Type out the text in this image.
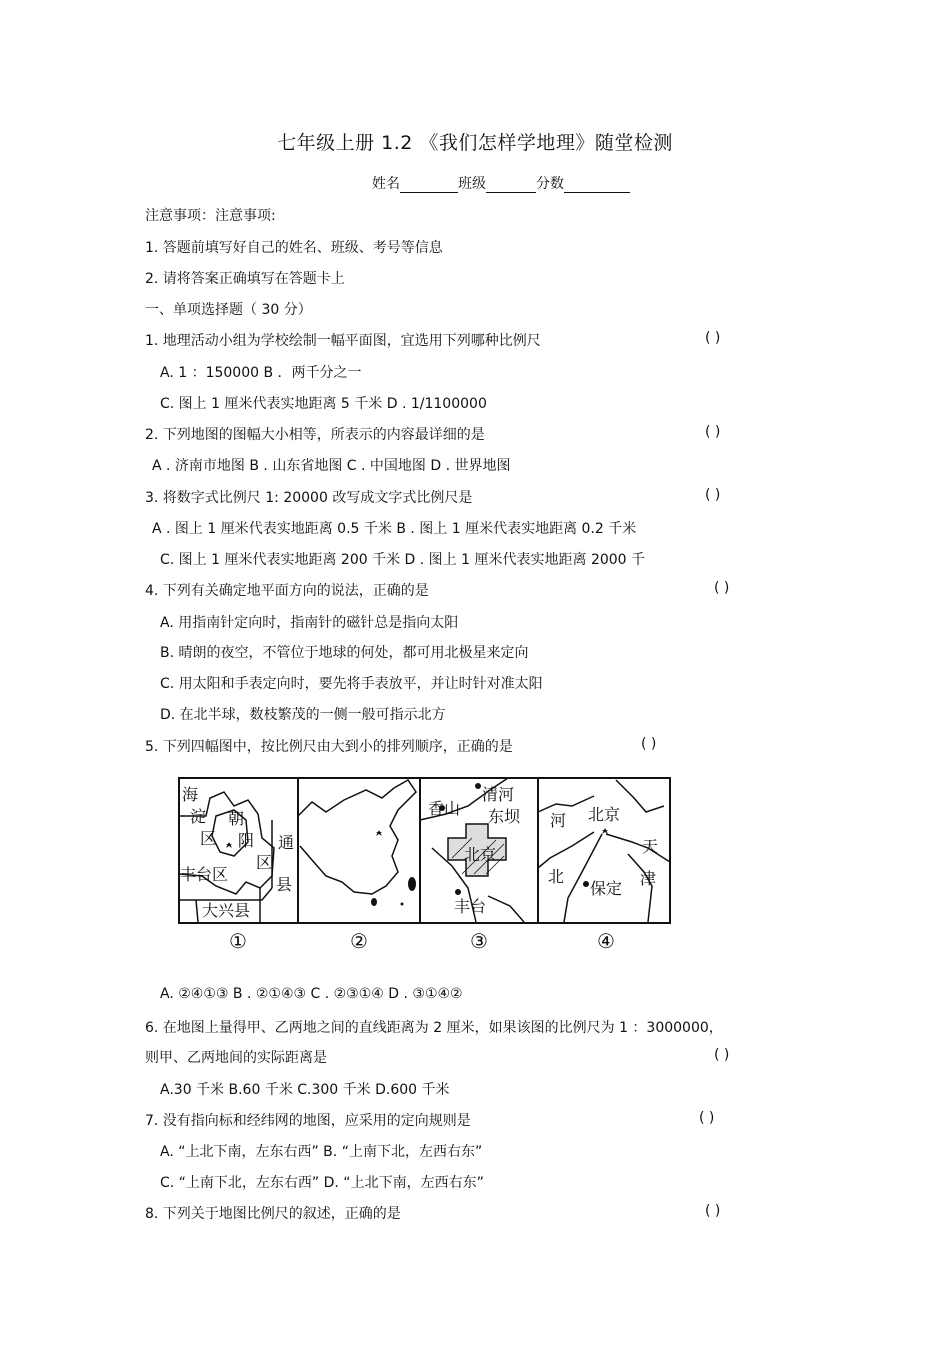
七年级上册 1.2 《我们怎样学地理》随堂检测
姓名	班级	分数
注意事项：注意事项:
1. 答题前填写好自己的姓名、班级、考号等信息
2. 请将答案正确填写在答题卡上
一、单项选择题（ 30 分）
1. 地理活动小组为学校绘制一幅平面图，宜选用下列哪种比例尺	( )
A. 1 ：150000 B ．两千分之一
C. 图上 1 厘米代表实地距离 5 千米 D . 1/1100000
2. 下列地图的图幅大小相等，所表示的内容最详细的是	( )
A . 济南市地图 B . 山东省地图 C . 中国地图 D . 世界地图
3. 将数字式比例尺 1: 20000 改写成文字式比例尺是	( )
A . 图上 1 厘米代表实地距离 0.5 千米 B . 图上 1 厘米代表实地距离 0.2 千米
C. 图上 1 厘米代表实地距离 200 千米 D . 图上 1 厘米代表实地距离 2000 千
4. 下列有关确定地平面方向的说法，正确的是	( )
A. 用指南针定向时，指南针的磁针总是指向太阳
B. 晴朗的夜空，不管位于地球的何处，都可用北极星来定向
C. 用太阳和手表定向时，要先将手表放平，并让时针对准太阳
D. 在北半球，数枝繁茂的一侧一般可指示北方
5. 下列四幅图中，按比例尺由大到小的排列顺序，正确的是	( )
海
淀
区
朝
阳
区
通
丰台区
县
大兴县
清河
香山 东坝
北京
丰台
河 北京
天
津
北
保定
①	②	③	④
A. ②④①③ B . ②①④③ C . ②③①④ D . ③①④②
6. 在地图上量得甲、乙两地之间的直线距离为 2 厘米，如果该图的比例尺为 1 ：3000000，
则甲、乙两地间的实际距离是	( )
A.30 千米 B.60 千米 C.300 千米 D.600 千米
7. 没有指向标和经纬网的地图，应采用的定向规则是	( )
A. “上北下南，左东右西” B. “上南下北，左西右东”
C. “上南下北，左东右西” D. “上北下南，左西右东”
8. 下列关于地图比例尺的叙述，正确的是	( )
